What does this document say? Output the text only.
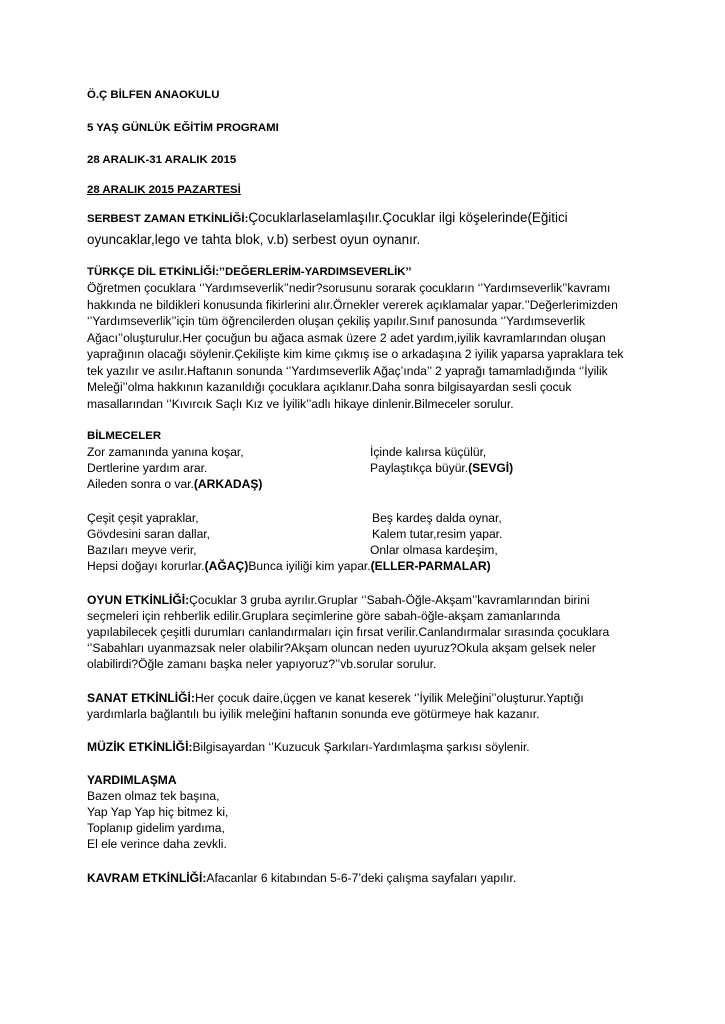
Ö.Ç BİLFEN ANAOKULU
5 YAŞ GÜNLÜK EĞİTİM PROGRAMI
28 ARALIK-31 ARALIK 2015
28 ARALIK 2015 PAZARTESİ
SERBEST ZAMAN ETKİNLİĞİ:Çocuklarlaselamlaşılır.Çocuklar ilgi köşelerinde(Eğitici
oyuncaklar,lego ve tahta blok, v.b) serbest oyun oynanır.
TÜRKÇE DİL ETKİNLİĞİ:’’DEĞERLERİM-YARDIMSEVERLİK’’
Öğretmen çocuklara ‘’Yardımseverlik’’nedir?sorusunu sorarak çocukların ‘’Yardımseverlik’’kavramı
hakkında ne bildikleri konusunda fikirlerini alır.Örnekler vererek açıklamalar yapar.’’Değerlerimizden
‘’Yardımseverlik’’için tüm öğrencilerden oluşan çekiliş yapılır.Sınıf panosunda ‘’Yardımseverlik
Ağacı’’oluşturulur.Her çocuğun bu ağaca asmak üzere 2 adet yardım,iyilik kavramlarından oluşan
yaprağının olacağı söylenir.Çekilişte kim kime çıkmış ise o arkadaşına 2 iyilik yaparsa yapraklara tek
tek yazılır ve asılır.Haftanın sonunda ‘’Yardımseverlik Ağaç’ında’’ 2 yaprağı tamamladığında ‘’İyilik
Meleği’’olma hakkının kazanıldığı çocuklara açıklanır.Daha sonra bilgisayardan sesli çocuk
masallarından ‘’Kıvırcık Saçlı Kız ve İyilik’’adlı hikaye dinlenir.Bilmeceler sorulur.
BİLMECELER
Zor zamanında yanına koşar,	İçinde kalırsa küçülür,
Dertlerine yardım arar.	Paylaştıkça büyür.(SEVGİ)
Aileden sonra o var.(ARKADAŞ)
Çeşit çeşit yapraklar,	Beş kardeş dalda oynar,
Gövdesini saran dallar,	Kalem tutar,resim yapar.
Bazıları meyve verir,	Onlar olmasa kardeşim,
Hepsi doğayı korurlar.(AĞAÇ)Bunca iyiliği kim yapar.(ELLER-PARMALAR)
OYUN ETKİNLİĞİ:Çocuklar 3 gruba ayrılır.Gruplar ‘’Sabah-Öğle-Akşam’’kavramlarından birini
seçmeleri için rehberlik edilir.Gruplara seçimlerine göre sabah-öğle-akşam zamanlarında
yapılabilecek çeşitli durumları canlandırmaları için fırsat verilir.Canlandırmalar sırasında çocuklara
‘’Sabahları uyanmazsak neler olabilir?Akşam oluncan neden uyuruz?Okula akşam gelsek neler
olabilirdi?Öğle zamanı başka neler yapıyoruz?’’vb.sorular sorulur.
SANAT ETKİNLİĞİ:Her çocuk daire,üçgen ve kanat keserek ‘’İyilik Meleğini’’oluşturur.Yaptığı
yardımlarla bağlantılı bu iyilik meleğini haftanın sonunda eve götürmeye hak kazanır.
MÜZİK ETKİNLİĞİ:Bilgisayardan ‘’Kuzucuk Şarkıları-Yardımlaşma şarkısı söylenir.
YARDIMLAŞMA
Bazen olmaz tek başına,
Yap Yap Yap hiç bitmez ki,
Toplanıp gidelim yardıma,
El ele verince daha zevkli.
KAVRAM ETKİNLİĞİ:Afacanlar 6 kitabından 5-6-7’deki çalışma sayfaları yapılır.
